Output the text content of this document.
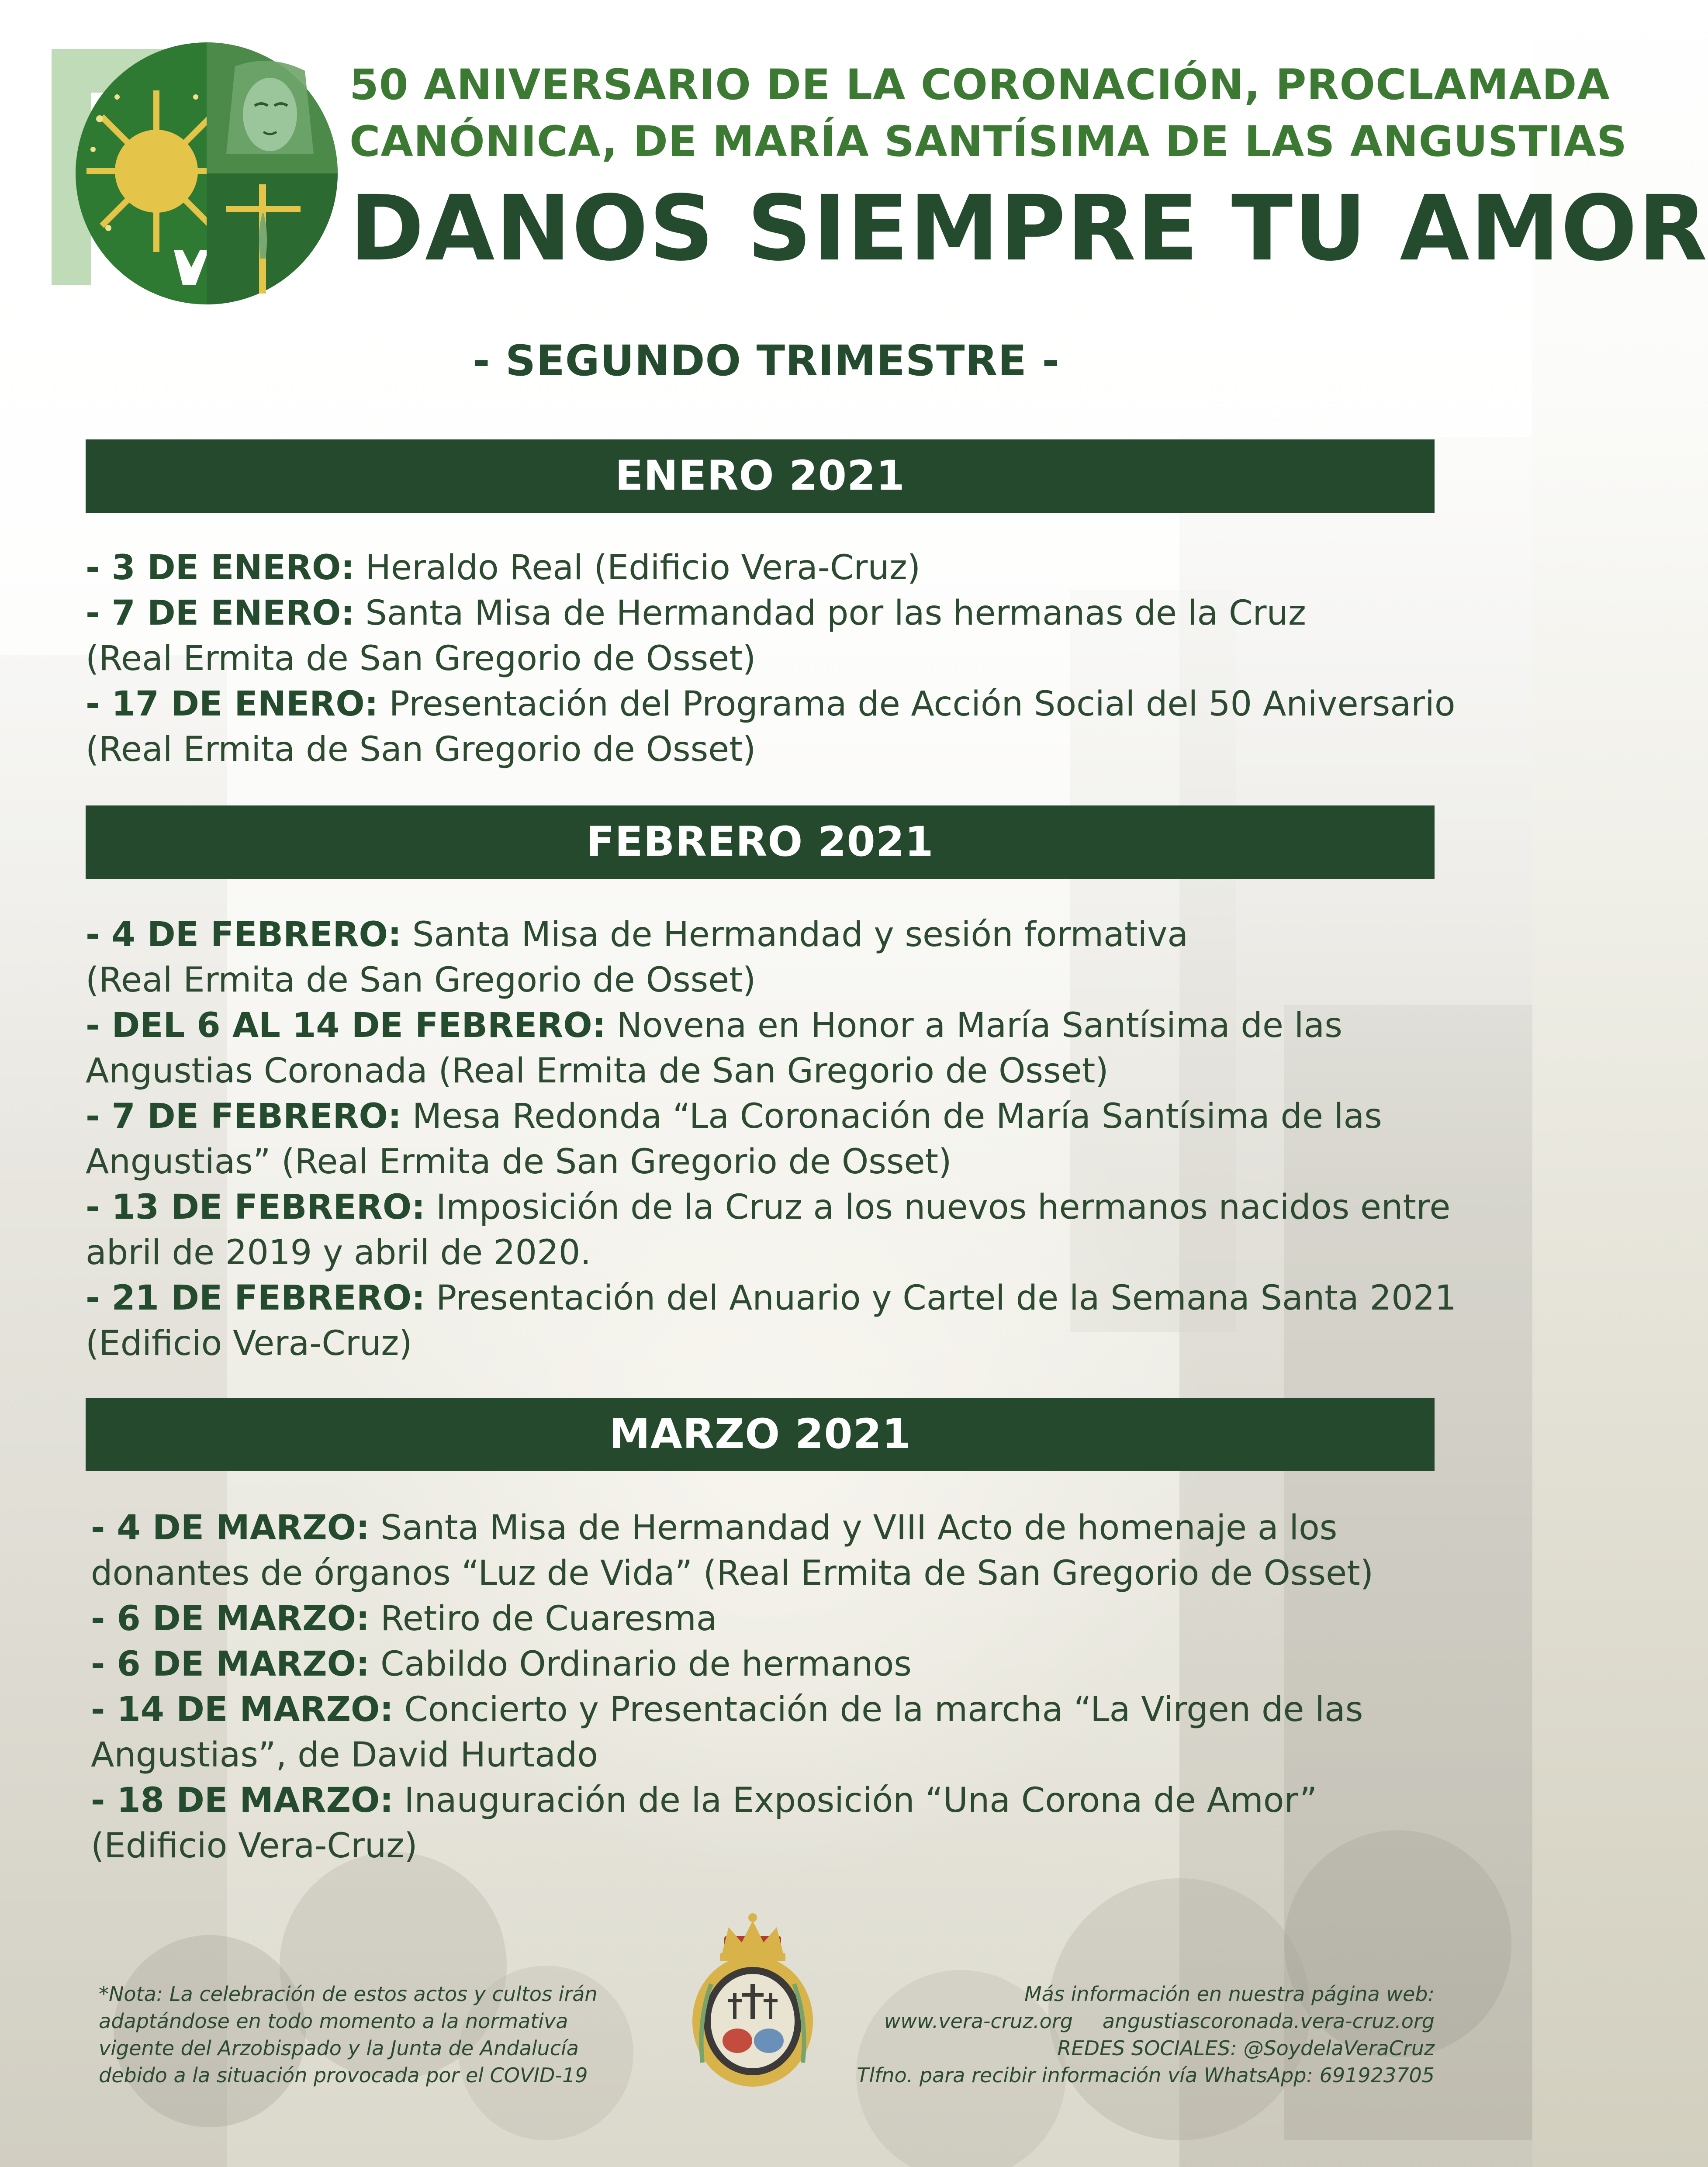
50 ANIVERSARIO DE LA CORONACIÓN, PROCLAMADA
CANÓNICA, DE MARÍA SANTÍSIMA DE LAS ANGUSTIAS
DANOS SIEMPRE TU AMOR
- SEGUNDO TRIMESTRE -
ENERO 2021
- 3 DE ENERO: Heraldo Real (Edificio Vera-Cruz)
- 7 DE ENERO: Santa Misa de Hermandad por las hermanas de la Cruz
(Real Ermita de San Gregorio de Osset)
- 17 DE ENERO: Presentación del Programa de Acción Social del 50 Aniversario
(Real Ermita de San Gregorio de Osset)
FEBRERO 2021
- 4 DE FEBRERO: Santa Misa de Hermandad y sesión formativa
(Real Ermita de San Gregorio de Osset)
- DEL 6 AL 14 DE FEBRERO: Novena en Honor a María Santísima de las
Angustias Coronada (Real Ermita de San Gregorio de Osset)
- 7 DE FEBRERO: Mesa Redonda “La Coronación de María Santísima de las
Angustias” (Real Ermita de San Gregorio de Osset)
- 13 DE FEBRERO: Imposición de la Cruz a los nuevos hermanos nacidos entre
abril de 2019 y abril de 2020.
- 21 DE FEBRERO: Presentación del Anuario y Cartel de la Semana Santa 2021
(Edificio Vera-Cruz)
MARZO 2021
- 4 DE MARZO: Santa Misa de Hermandad y VIII Acto de homenaje a los
donantes de órganos “Luz de Vida” (Real Ermita de San Gregorio de Osset)
- 6 DE MARZO: Retiro de Cuaresma
- 6 DE MARZO: Cabildo Ordinario de hermanos
- 14 DE MARZO: Concierto y Presentación de la marcha “La Virgen de las
Angustias”, de David Hurtado
- 18 DE MARZO: Inauguración de la Exposición “Una Corona de Amor”
(Edificio Vera-Cruz)

*Nota: La celebración de estos actos y cultos irán
adaptándose en todo momento a la normativa
vigente del Arzobispado y la Junta de Andalucía
debido a la situación provocada por el COVID-19

Más información en nuestra página web:
www.vera-cruz.org angustiascoronada.vera-cruz.org
REDES SOCIALES: @SoydelaVeraCruz
Tlfno. para recibir información vía WhatsApp: 691923705
